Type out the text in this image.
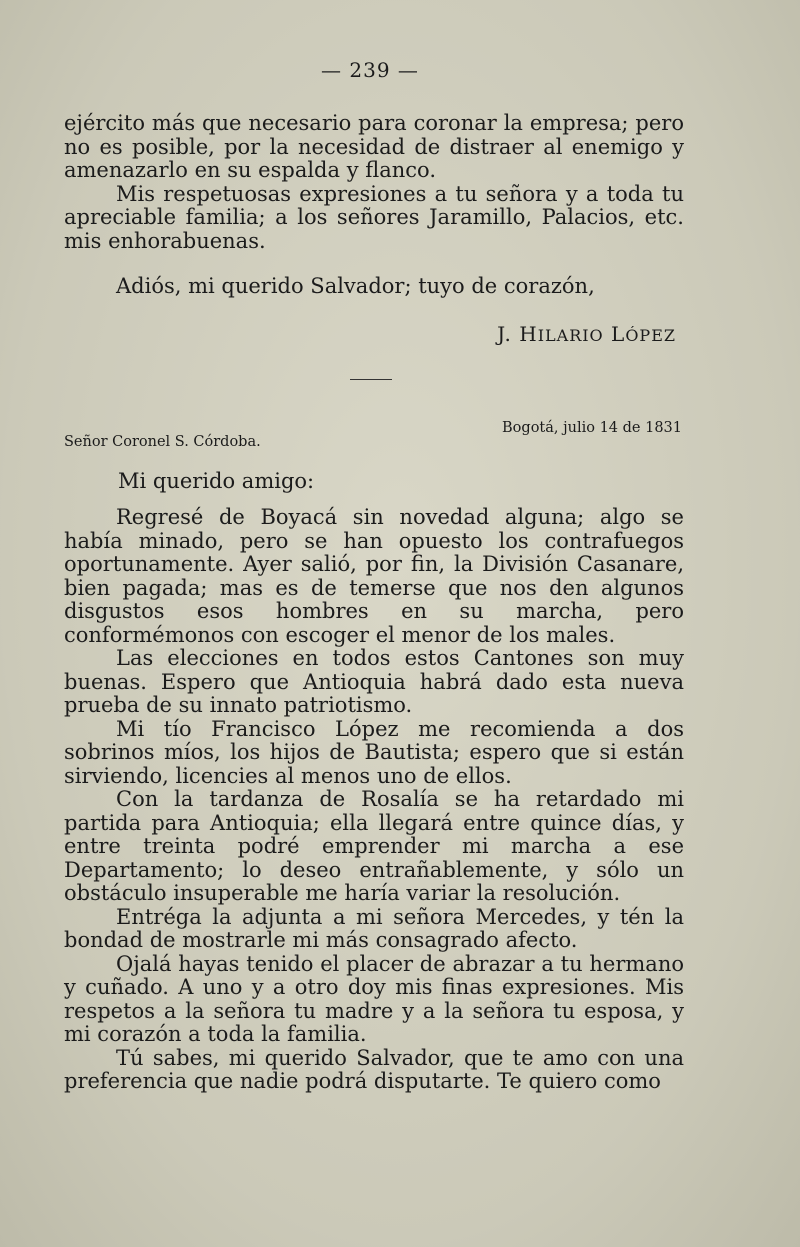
— 239 —

ejército más que necesario para coronar la empresa; pero no es posible, por la necesidad de distraer al enemigo y amenazarlo en su espalda y flanco.

Mis respetuosas expresiones a tu señora y a toda tu apreciable familia; a los señores Jaramillo, Palacios, etc. mis enhorabuenas.

Adiós, mi querido Salvador; tuyo de corazón,
J. HILARIO LÓPEZ
Bogotá, julio 14 de 1831
Señor Coronel S. Córdoba.
Mi querido amigo:

Regresé de Boyacá sin novedad alguna; algo se había minado, pero se han opuesto los contrafuegos oportunamente. Ayer salió, por fin, la División Casanare, bien pagada; mas es de temerse que nos den algunos disgustos esos hombres en su marcha, pero conformémonos con escoger el menor de los males.

Las elecciones en todos estos Cantones son muy buenas. Espero que Antioquia habrá dado esta nueva prueba de su innato patriotismo.

Mi tío Francisco López me recomienda a dos sobrinos míos, los hijos de Bautista; espero que si están sirviendo, licencies al menos uno de ellos.

Con la tardanza de Rosalía se ha retardado mi partida para Antioquia; ella llegará entre quince días, y entre treinta podré emprender mi marcha a ese Departamento; lo deseo entrañablemente, y sólo un obstáculo insuperable me haría variar la resolución.

Entréga la adjunta a mi señora Mercedes, y tén la bondad de mostrarle mi más consagrado afecto.

Ojalá hayas tenido el placer de abrazar a tu hermano y cuñado. A uno y a otro doy mis finas expresiones. Mis respetos a la señora tu madre y a la señora tu esposa, y mi corazón a toda la familia.

Tú sabes, mi querido Salvador, que te amo con una preferencia que nadie podrá disputarte. Te quiero como
